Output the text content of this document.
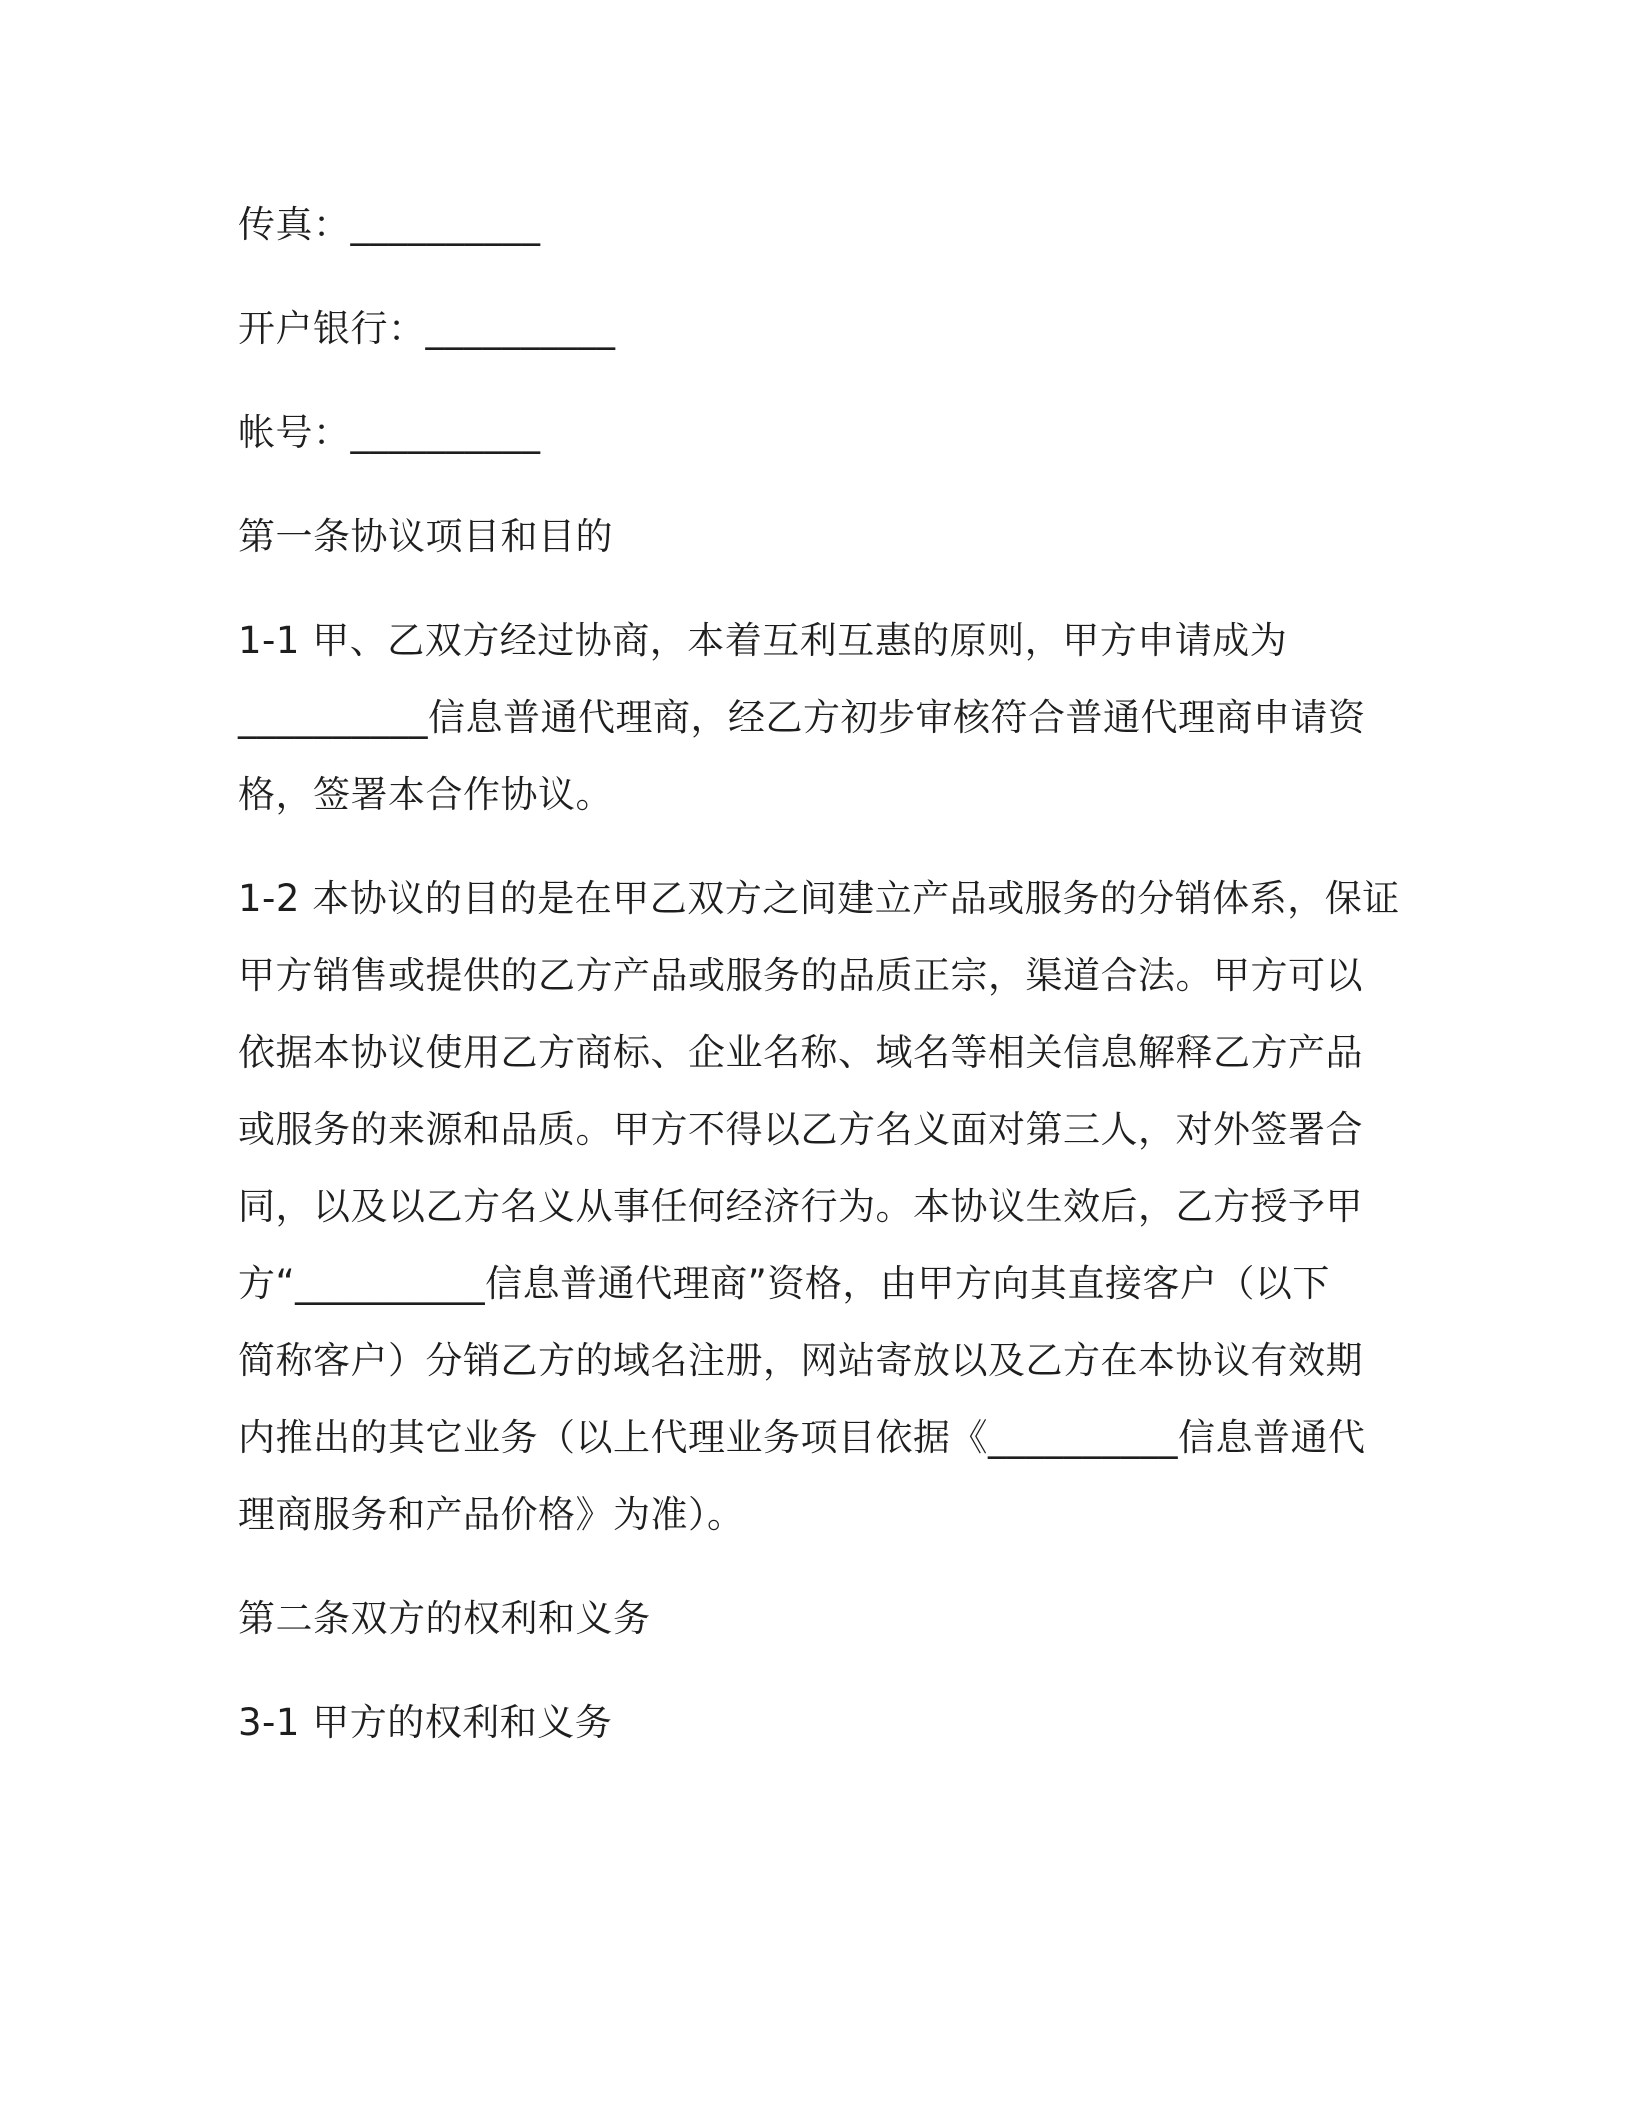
传真：__________
开户银行：__________
帐号：__________
第一条协议项目和目的
1-1 甲、乙双方经过协商，本着互利互惠的原则，甲方申请成为
__________信息普通代理商，经乙方初步审核符合普通代理商申请资
格，签署本合作协议。
1-2 本协议的目的是在甲乙双方之间建立产品或服务的分销体系，保证
甲方销售或提供的乙方产品或服务的品质正宗，渠道合法。甲方可以
依据本协议使用乙方商标、企业名称、域名等相关信息解释乙方产品
或服务的来源和品质。甲方不得以乙方名义面对第三人，对外签署合
同，以及以乙方名义从事任何经济行为。本协议生效后，乙方授予甲
方“__________信息普通代理商”资格，由甲方向其直接客户（以下
简称客户）分销乙方的域名注册，网站寄放以及乙方在本协议有效期
内推出的其它业务（以上代理业务项目依据《__________信息普通代
理商服务和产品价格》为准）。
第二条双方的权利和义务
3-1 甲方的权利和义务
